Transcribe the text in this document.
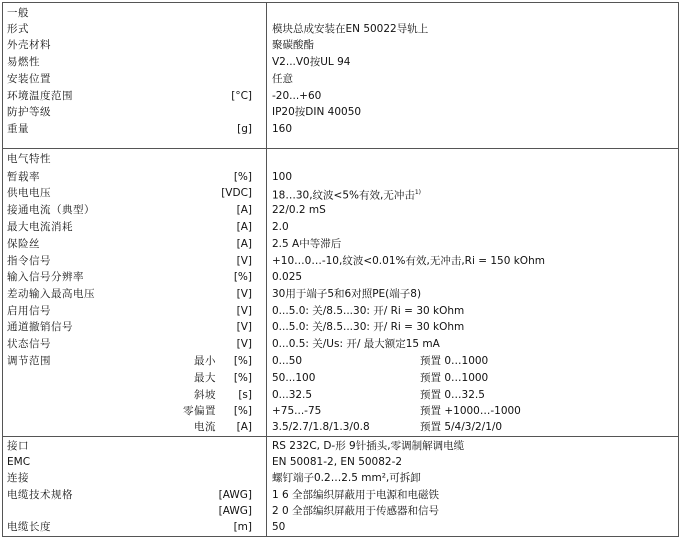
一般
形式	模块总成安装在EN 50022导轨上
外壳材料	聚碳酸酯
易燃性	V2...V0按UL 94
安装位置	任意
环境温度范围	[°C] -20...+60
防护等级	IP20按DIN 40050
重量	[g] 160
电气特性
暂载率	[%] 100
供电电压	[VDC] 18…30,纹波<5%有效,无冲击$^{1)}$
接通电流（典型）	[A] 22/0.2 mS
最大电流消耗	[A] 2.0
保险丝	[A] 2.5 A中等滞后
指令信号	[V] +10…0…-10,纹波<0.01%有效,无冲击,Ri = 150 kOhm
输入信号分辨率	[%] 0.025
差动输入最高电压	[V] 30用于端子5和6对照PE(端子8)
启用信号	[V] 0...5.0: 关/8.5...30: 开/ Ri = 30 kOhm
通道撤销信号	[V] 0...5.0: 关/8.5...30: 开/ Ri = 30 kOhm
状态信号	[V] 0...0.5: 关/Us: 开/ 最大额定15 mA
调节范围	最小 [%] 0...50	预置 0…1000
最大 [%] 50...100	预置 0…1000
斜坡 [s] 0...32.5	预置 0…32.5
零偏置 [%] +75...-75	预置 +1000…-1000
电流 [A] 3.5/2.7/1.8/1.3/0.8	预置 5/4/3/2/1/0
接口	RS 232C, D-形 9针插头,零调制解调电缆
EMC	EN 50081-2, EN 50082-2
连接	螺钉端子0.2…2.5 mm²,可拆卸
电缆技术规格	[AWG] 1 6 全部编织屏蔽用于电源和电磁铁
[AWG] 2 0 全部编织屏蔽用于传感器和信号
电缆长度	[m] 50
